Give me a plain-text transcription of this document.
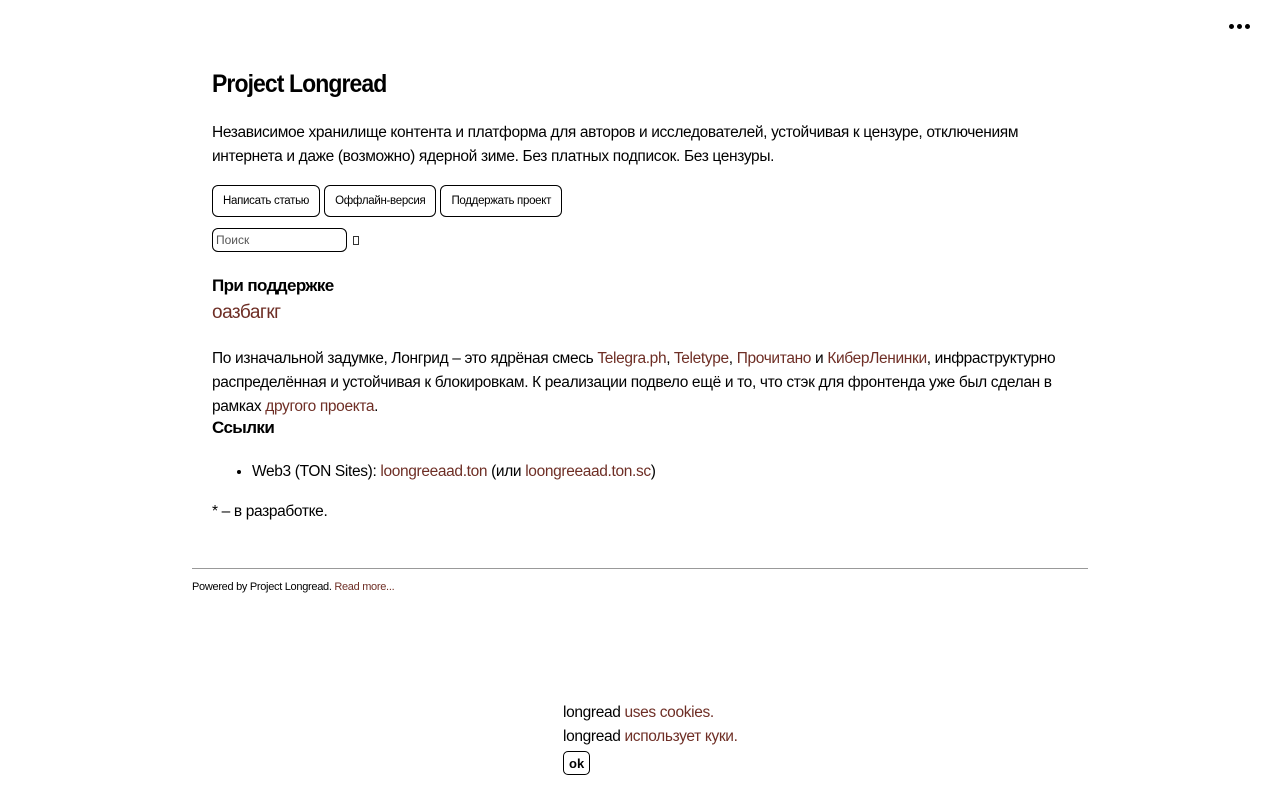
Project Longread

Независимое хранилище контента и платформа для авторов и исследователей, устойчивая к цензуре, отключениям интернета и даже (возможно) ядерной зиме. Без платных подписок. Без цензуры.

Написать статью	Оффлайн-версия	Поддержать проект
Поиск
При поддержке
оазбагкг

По изначальной задумке, Лонгрид – это ядрёная смесь Telegra.ph, Teletype, Прочитано и КиберЛенинки, инфраструктурно распределённая и устойчивая к блокировкам. К реализации подвело ещё и то, что стэк для фронтенда уже был сделан в рамках другого проекта.

Ссылки
• Web3 (TON Sites): loongreeaad.ton (или loongreeaad.ton.sc)

* – в разработке.

Powered by Project Longread. Read more...
longread uses cookies.
longread использует куки.
ok
